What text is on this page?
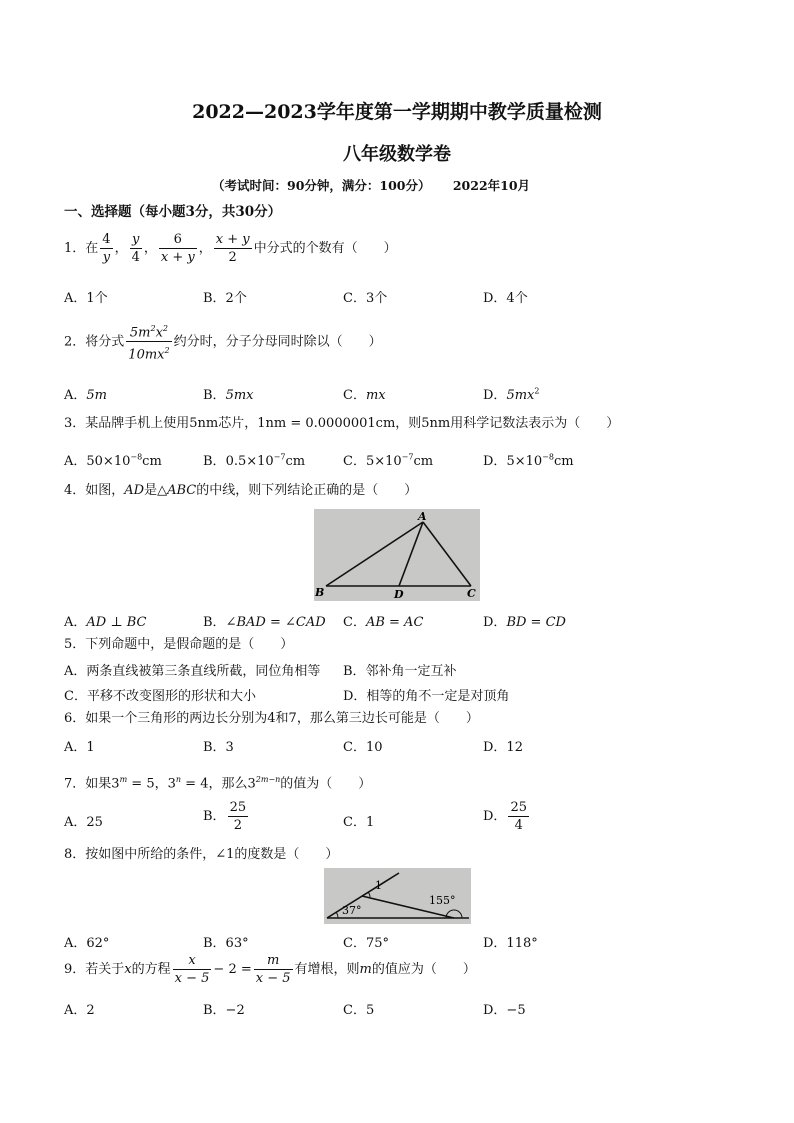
2022—2023学年度第一学期期中教学质量检测
八年级数学卷
（考试时间：90分钟，满分：100分） 2022年10月
一、选择题（每小题3分，共30分）
1．在 $\frac{4}{y}$ ， $\frac{y}{4}$ ， $\frac{6}{x + y}$ ， $\frac{x + y}{2}$ 中分式的个数有（　　）
A．1个	B．2个	C．3个	D．4个
2．将分式 $\frac{5m^2x^2}{10mx^2}$ 约分时，分子分母同时除以（　　）
A．5m	B．5mx	C．mx	D．$5mx^2$
3．某品牌手机上使用5nm芯片，1nm = 0.0000001cm，则5nm用科学记数法表示为（　　）
A．$50\times 10^{-8}cm$	B．$0.5\times 10^{-7}cm$	C．$5\times 10^{-7}cm$	D．$5\times 10^{-8}cm$
4．如图，AD是△ABC的中线，则下列结论正确的是（　　）
A
B	D	C
A．AD ⊥ BC	B．∠BAD = ∠CAD C．AB = AC	D．BD = CD
5．下列命题中，是假命题的是（　　）
A．两条直线被第三条直线所截，同位角相等 B．邻补角一定互补
C．平移不改变图形的形状和大小	D．相等的角不一定是对顶角
6．如果一个三角形的两边长分别为4和7，那么第三边长可能是（　　）
A．1	B．3	C．10	D．12
7．如果$3^m = 5$，$3^n = 4$，那么$3^{2m-n}$的值为（　　）
A．25	B． $\frac{25}{2}$	C．1	D． $\frac{25}{4}$
8．按如图中所给的条件，∠1的度数是（　　）
1
37°
155°
A．62°	B．63°	C．75°	D．118°
9．若关于x的方程 $\frac{x}{x - 5} - 2 = \frac{m}{x - 5}$ 有增根，则m的值应为（　　）
A．2	B．−2	C．5	D．−5
